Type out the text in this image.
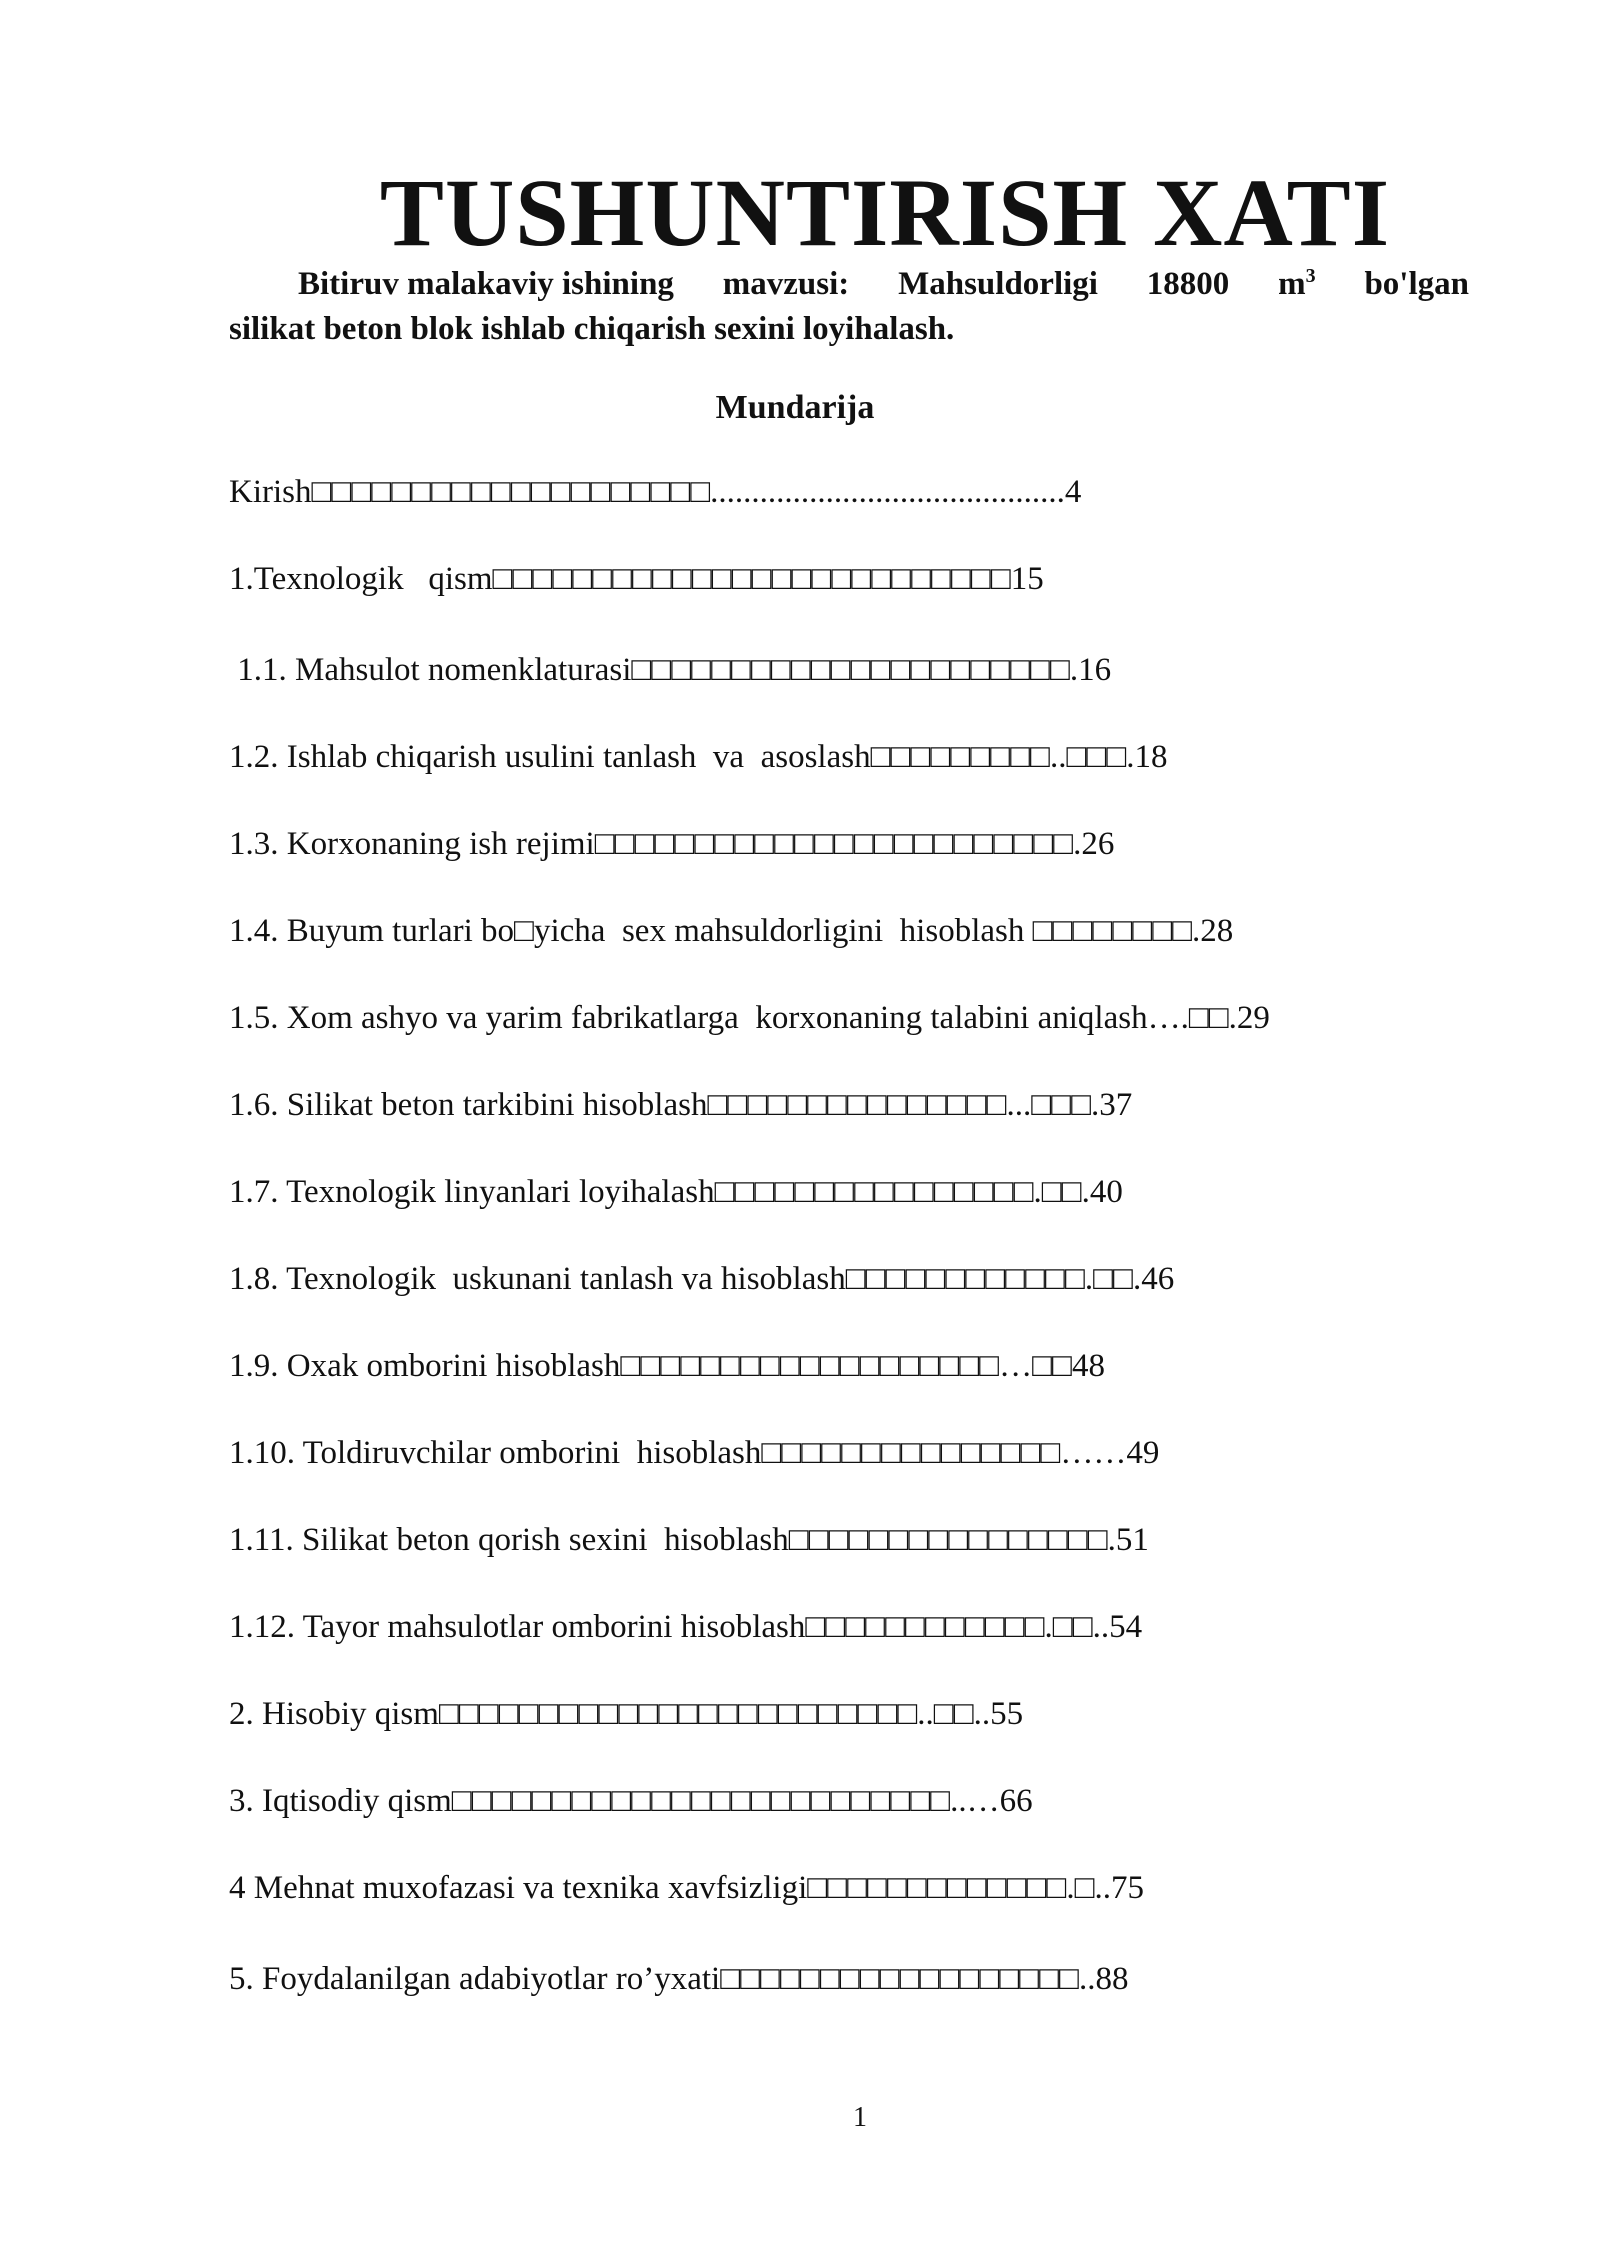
TUSHUNTIRISH XATI
Bitiruv malakaviy ishining mavzusi: Mahsuldorligi 18800 $m^3$ bo'lgan
silikat beton blok ishlab chiqarish sexini loyihalash.
Mundarija
Kirish□□□□□□□□□□□□□□□□□□□□...........................................4
1.Texnologik   qism□□□□□□□□□□□□□□□□□□□□□□□□□□15
1.1. Mahsulot nomenklaturasi□□□□□□□□□□□□□□□□□□□□□□.16
1.2. Ishlab chiqarish usulini tanlash  va  asoslash□□□□□□□□□..□□□.18
1.3. Korxonaning ish rejimi□□□□□□□□□□□□□□□□□□□□□□□□.26
1.4. Buyum turlari bo□yicha  sex mahsuldorligini  hisoblash □□□□□□□□.28
1.5. Xom ashyo va yarim fabrikatlarga  korxonaning talabini aniqlash….□□.29
1.6. Silikat beton tarkibini hisoblash□□□□□□□□□□□□□□□...□□□.37
1.7. Texnologik linyanlari loyihalash□□□□□□□□□□□□□□□□.□□.40
1.8. Texnologik  uskunani tanlash va hisoblash□□□□□□□□□□□□.□□.46
1.9. Oxak omborini hisoblash□□□□□□□□□□□□□□□□□□□…□□48
1.10. Toldiruvchilar omborini  hisoblash□□□□□□□□□□□□□□□……49
1.11. Silikat beton qorish sexini  hisoblash□□□□□□□□□□□□□□□□.51
1.12. Tayor mahsulotlar omborini hisoblash□□□□□□□□□□□□.□□..54
2. Hisobiy qism□□□□□□□□□□□□□□□□□□□□□□□□..□□..55
3. Iqtisodiy qism□□□□□□□□□□□□□□□□□□□□□□□□□..…66
4 Mehnat muxofazasi va texnika xavfsizligi□□□□□□□□□□□□□.□..75
5. Foydalanilgan adabiyotlar ro’yxati□□□□□□□□□□□□□□□□□□..88
1
